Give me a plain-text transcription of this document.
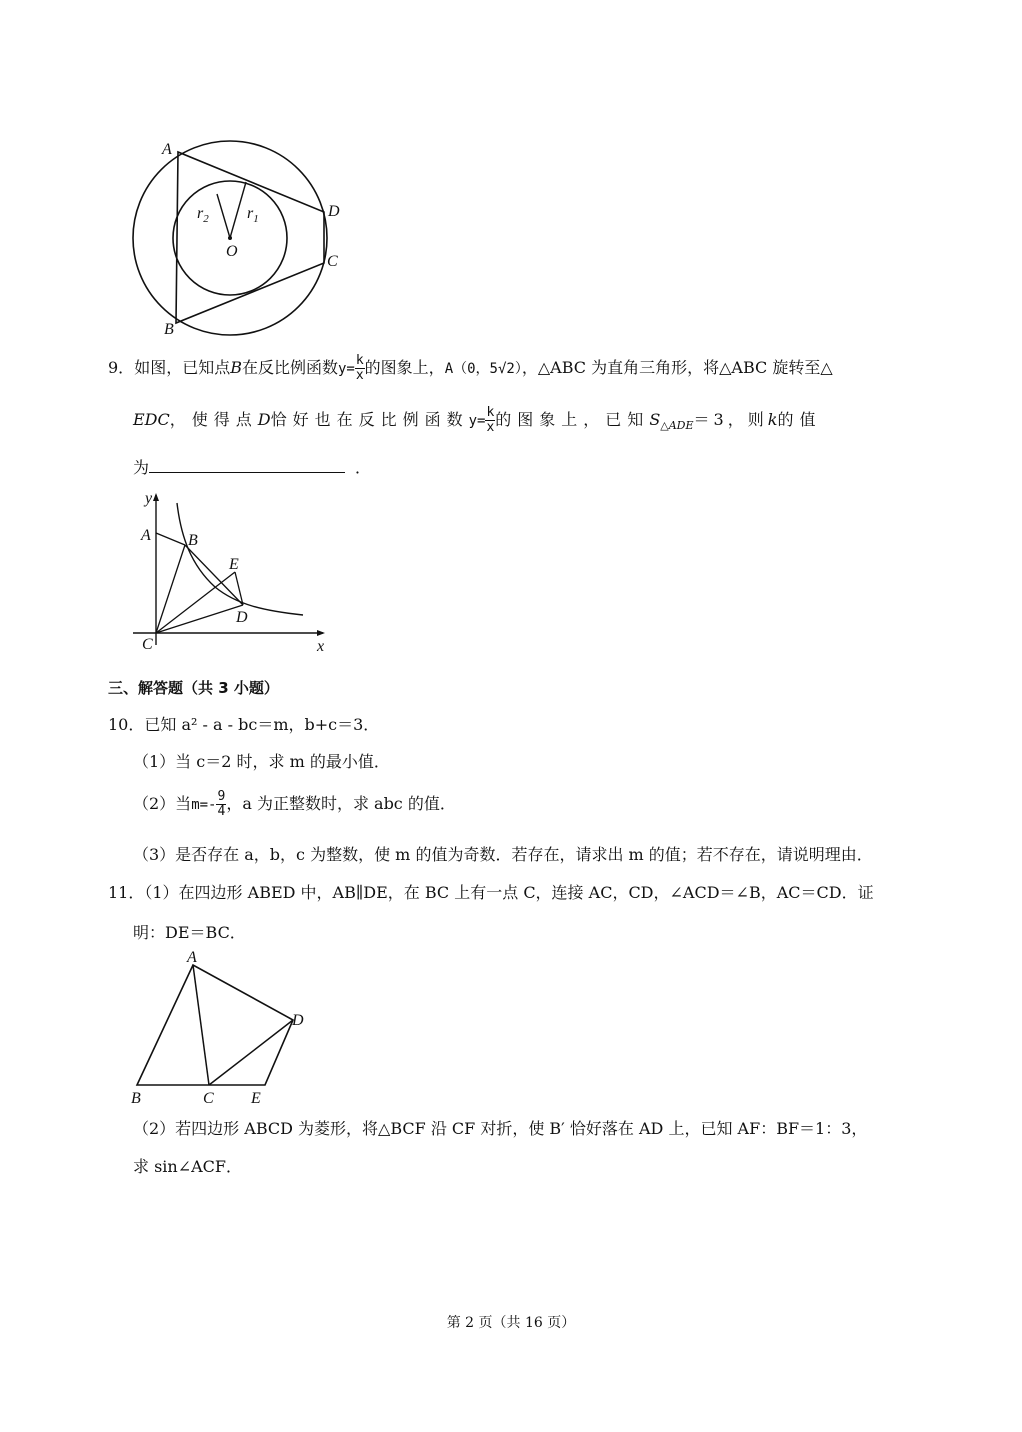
A
B
C
D
O
$r_2$ $r_1$
9．如图，已知点B在反比例函数$y= \frac{k}{x}$ 的图象上，A（0，5√2），△ABC 为直角三角形，将△ABC 旋转至△
EDC，使得点D恰好也在反比例函数$y= \frac{k}{x}$ 的图象上，已知$S_{\triangle ADE}=3$，则k的值
为	．
y
x
A B
C
D
E
三、解答题（共 3 小题）
10．已知 a² - a - bc＝m，b+c＝3．
（1）当 c＝2 时，求 m 的最小值．
（2）当$m=- \frac{9}{4}$ ，a 为正整数时，求 abc 的值．
（3）是否存在 a，b，c 为整数，使 m 的值为奇数．若存在，请求出 m 的值；若不存在，请说明理由．
11．（1）在四边形 ABED 中，AB∥DE，在 BC 上有一点 C，连接 AC，CD，∠ACD＝∠B，AC＝CD．证
明：DE＝BC．
A
B	C
D
E
（2）若四边形 ABCD 为菱形，将△BCF 沿 CF 对折，使 B′ 恰好落在 AD 上，已知 AF：BF＝1：3，
求 sin∠ACF．
第 2 页（共 16 页）
